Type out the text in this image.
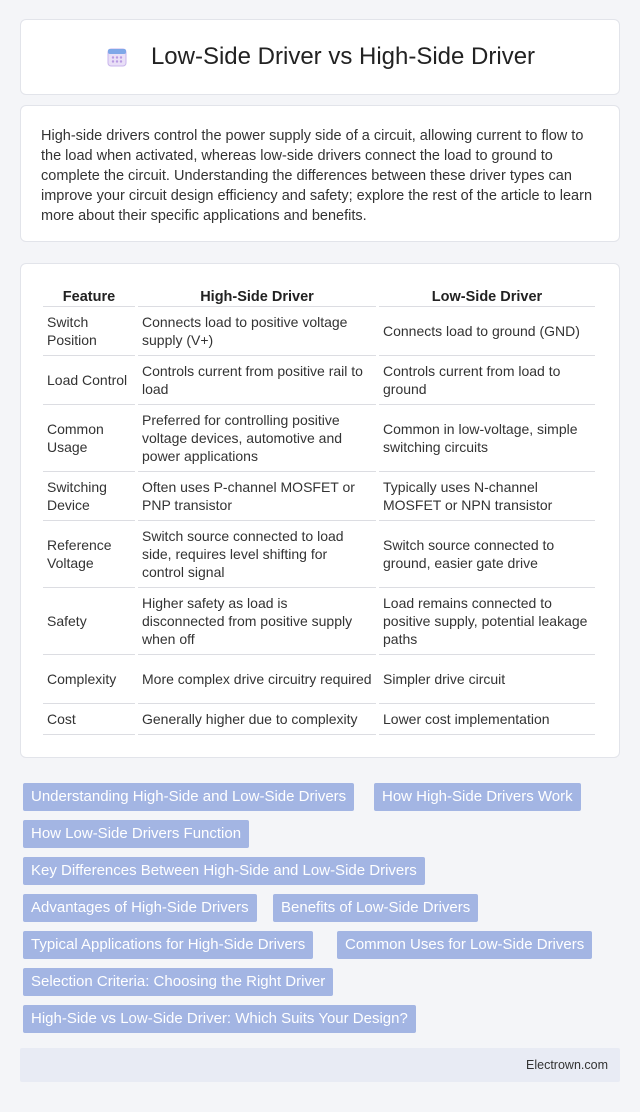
Low-Side Driver vs High-Side Driver

High-side drivers control the power supply side of a circuit, allowing current to flow to the load when activated, whereas low-side drivers connect the load to ground to complete the circuit. Understanding the differences between these driver types can improve your circuit design efficiency and safety; explore the rest of the article to learn more about their specific applications and benefits.

Feature	High-Side Driver	Low-Side Driver
Switch Position	Connects load to positive voltage supply (V+)	Connects load to ground (GND)
Load Control	Controls current from positive rail to load	Controls current from load to ground
Common Usage	Preferred for controlling positive voltage devices, automotive and power applications	Common in low-voltage, simple switching circuits
Switching Device	Often uses P-channel MOSFET or PNP transistor	Typically uses N-channel MOSFET or NPN transistor
Reference Voltage	Switch source connected to load side, requires level shifting for control signal	Switch source connected to ground, easier gate drive
Safety	Higher safety as load is disconnected from positive supply when off	Load remains connected to positive supply, potential leakage paths
Complexity	More complex drive circuitry required	Simpler drive circuit
Cost	Generally higher due to complexity	Lower cost implementation
Understanding High-Side and Low-Side Drivers	How High-Side Drivers Work
How Low-Side Drivers Function
Key Differences Between High-Side and Low-Side Drivers
Advantages of High-Side Drivers	Benefits of Low-Side Drivers
Typical Applications for High-Side Drivers	Common Uses for Low-Side Drivers
Selection Criteria: Choosing the Right Driver
High-Side vs Low-Side Driver: Which Suits Your Design?
Electrown.com
